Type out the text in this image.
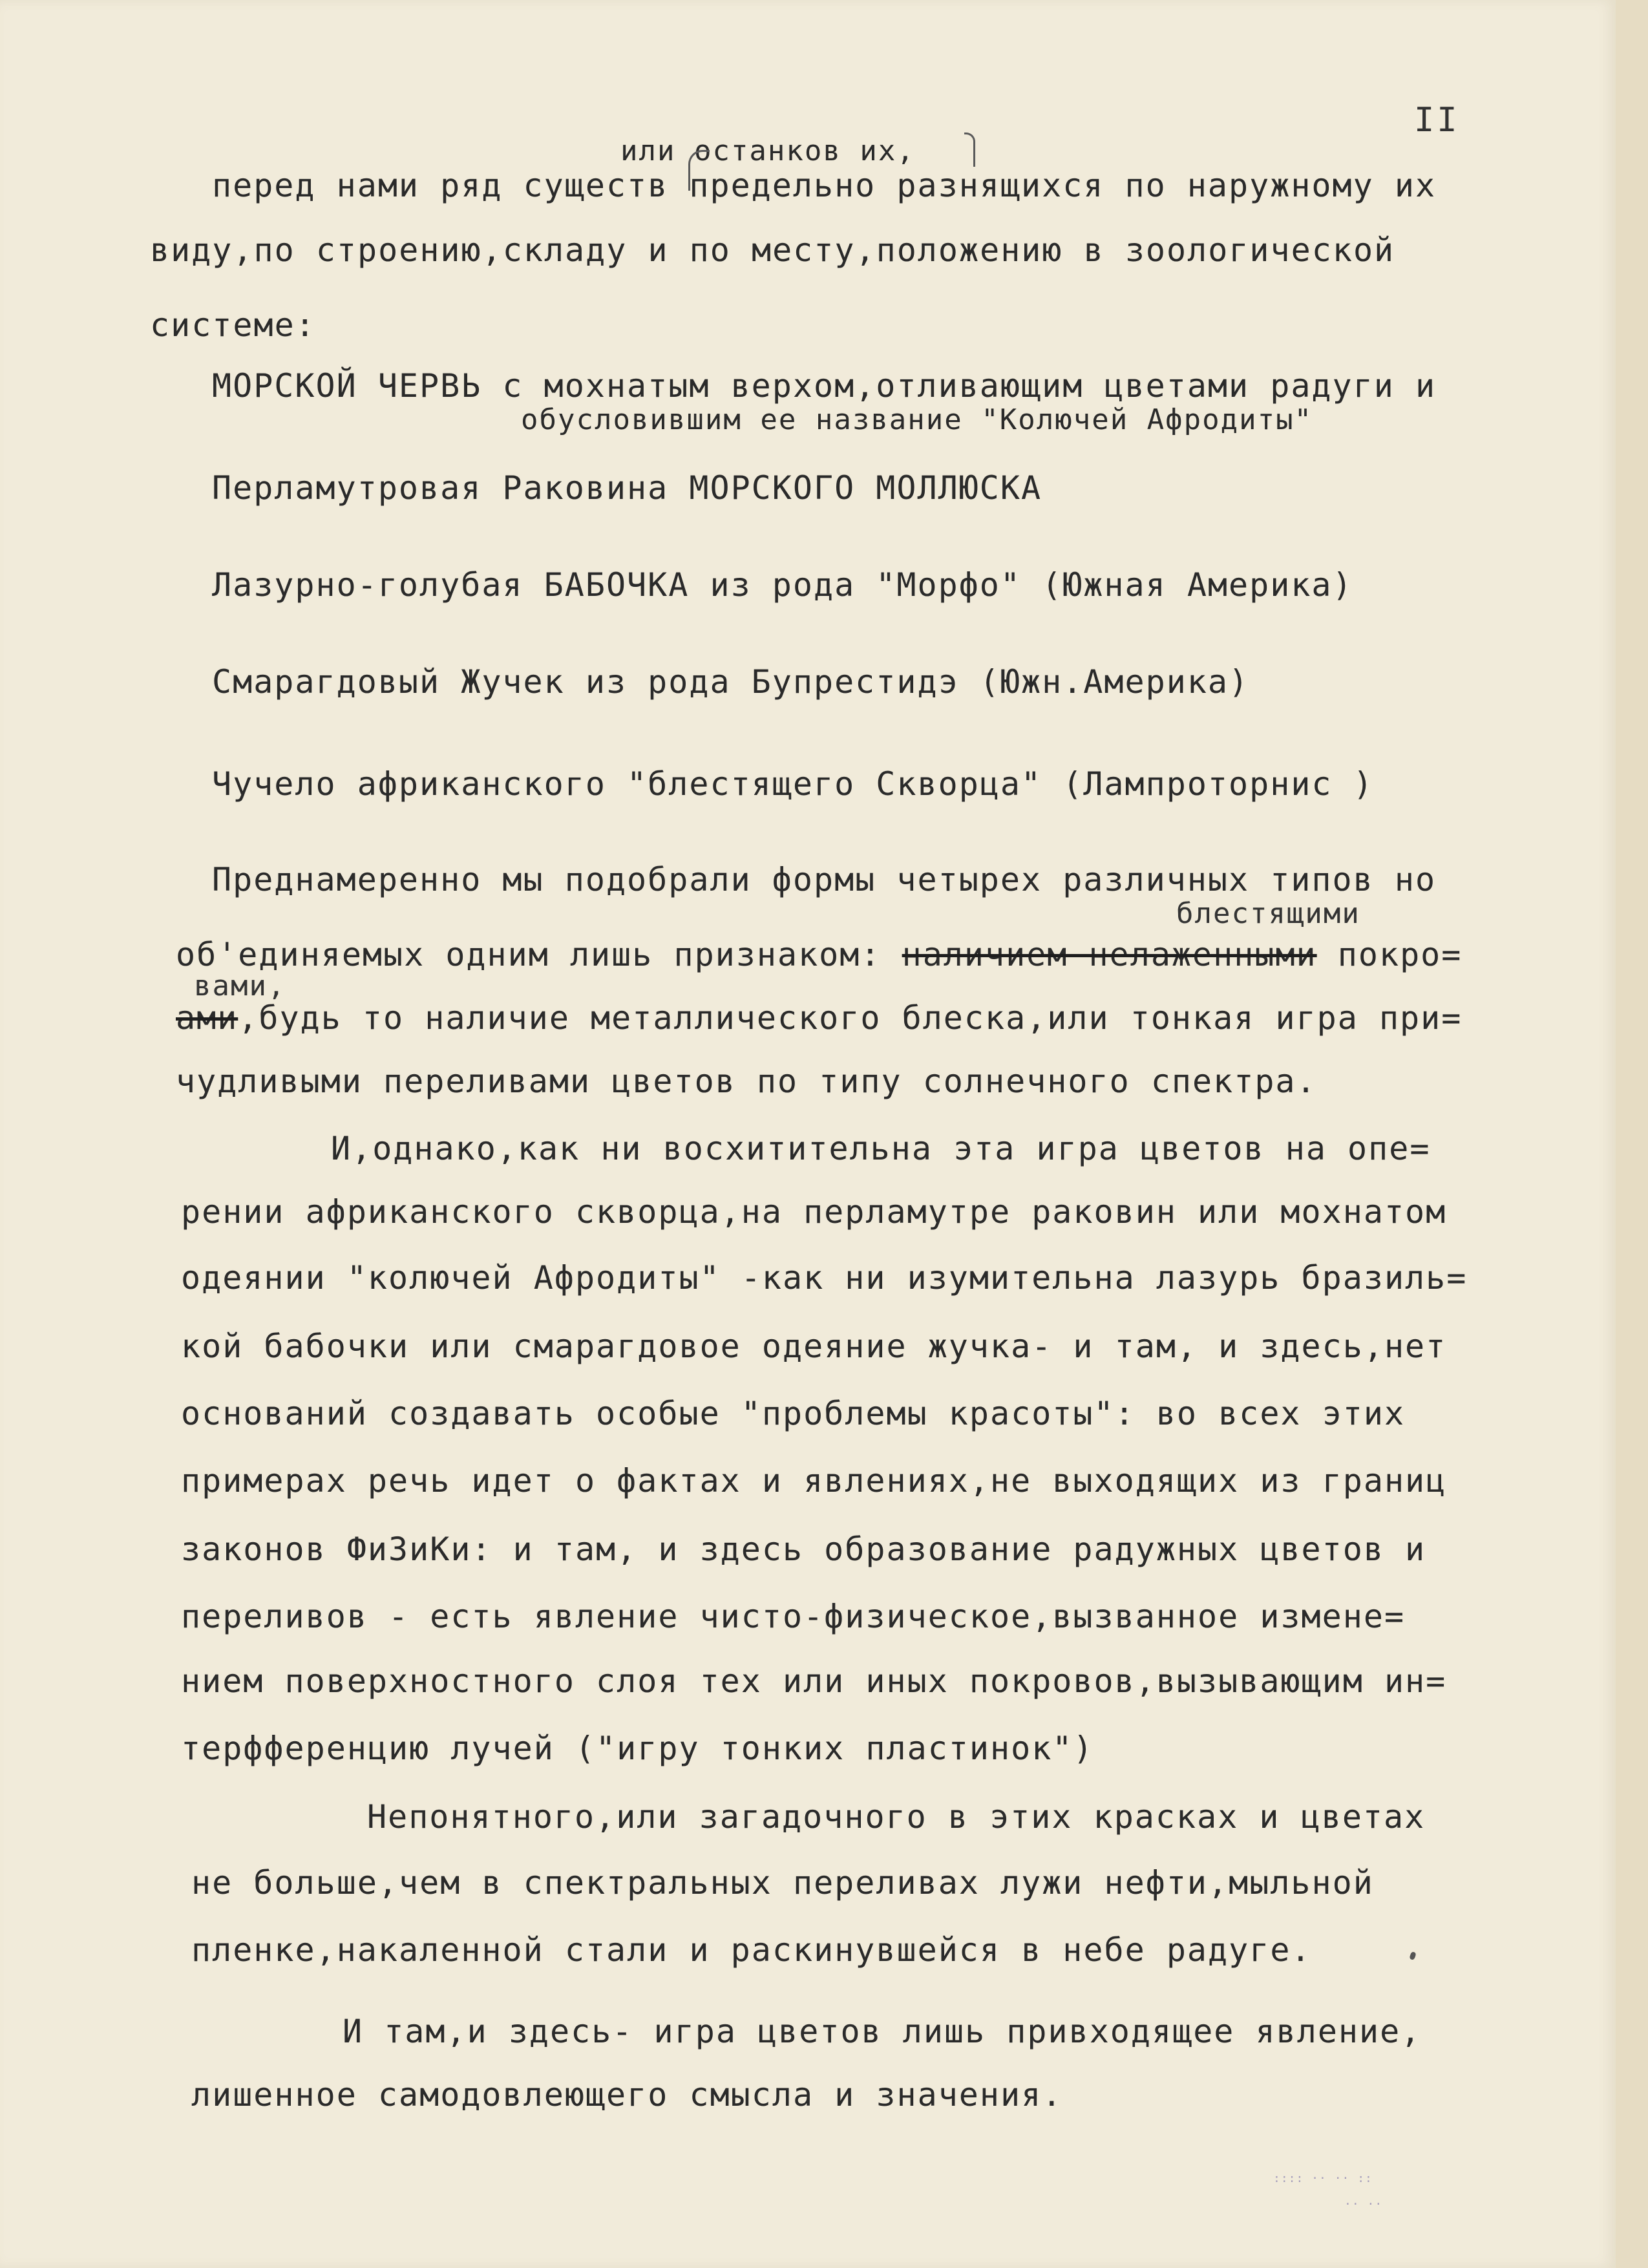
II
или останков их,
перед нами ряд существ предельно разнящихся по наружному их
виду,по строению,складу и по месту,положению в зоологической
системе:
МОРСКОЙ ЧЕРВЬ с мохнатым верхом,отливающим цветами радуги и
обусловившим ее название "Колючей Афродиты"
Перламутровая Раковина МОРСКОГО МОЛЛЮСКА
Лазурно-голубая БАБОЧКА из рода "Морфо" (Южная Америка)
Смарагдовый Жучек из рода Бупрестидэ (Южн.Америка)
Чучело африканского "блестящего Скворца" (Лампроторнис )
Преднамеренно мы подобрали формы четырех различных типов но
блестящими
об'единяемых одним лишь признаком: наличием нелаженными покро=
вами,
ами,будь то наличие металлического блеска,или тонкая игра при=
чудливыми переливами цветов по типу солнечного спектра.
И,однако,как ни восхитительна эта игра цветов на опе=
рении африканского скворца,на перламутре раковин или мохнатом
одеянии "колючей Афродиты" -как ни изумительна лазурь бразиль=
кой бабочки или смарагдовое одеяние жучка- и там, и здесь,нет
оснований создавать особые "проблемы красоты": во всех этих
примерах речь идет о фактах и явлениях,не выходящих из границ
законов ФиЗиКи: и там, и здесь образование радужных цветов и
переливов - есть явление чисто-физическое,вызванное измене=
нием поверхностного слоя тех или иных покровов,вызывающим ин=
терфференцию лучей ("игру тонких пластинок")
Непонятного,или загадочного в этих красках и цветах
не больше,чем в спектральных переливах лужи нефти,мыльной
пленке,накаленной стали и раскинувшейся в небе радуге.
И там,и здесь- игра цветов лишь привходящее явление,
лишенное самодовлеющего смысла и значения.
:::: ·· ·· ::
·· ··
